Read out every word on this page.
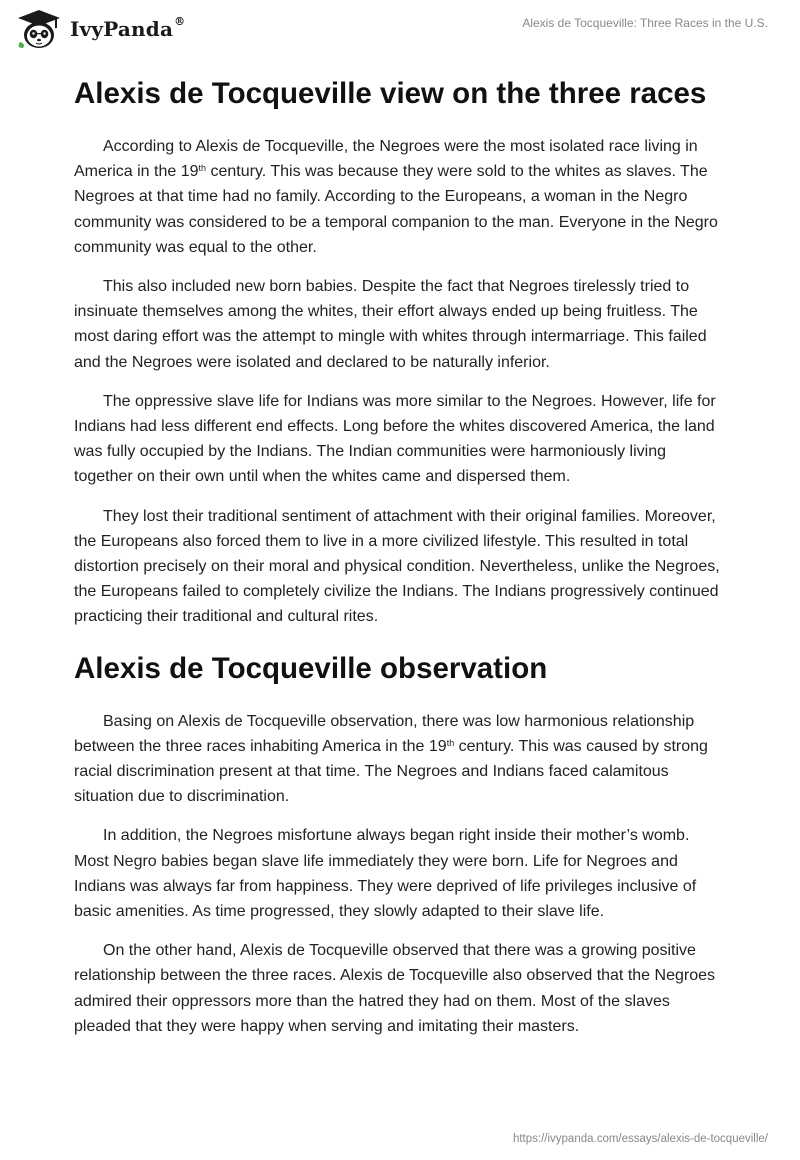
IvyPanda®	Alexis de Tocqueville: Three Races in the U.S.
Alexis de Tocqueville view on the three races

According to Alexis de Tocqueville, the Negroes were the most isolated race living in America in the 19th century. This was because they were sold to the whites as slaves. The Negroes at that time had no family. According to the Europeans, a woman in the Negro community was considered to be a temporal companion to the man. Everyone in the Negro community was equal to the other.

This also included new born babies. Despite the fact that Negroes tirelessly tried to insinuate themselves among the whites, their effort always ended up being fruitless. The most daring effort was the attempt to mingle with whites through intermarriage. This failed and the Negroes were isolated and declared to be naturally inferior.

The oppressive slave life for Indians was more similar to the Negroes. However, life for Indians had less different end effects. Long before the whites discovered America, the land was fully occupied by the Indians. The Indian communities were harmoniously living together on their own until when the whites came and dispersed them.

They lost their traditional sentiment of attachment with their original families. Moreover, the Europeans also forced them to live in a more civilized lifestyle. This resulted in total distortion precisely on their moral and physical condition. Nevertheless, unlike the Negroes, the Europeans failed to completely civilize the Indians. The Indians progressively continued practicing their traditional and cultural rites.

Alexis de Tocqueville observation

Basing on Alexis de Tocqueville observation, there was low harmonious relationship between the three races inhabiting America in the 19th century. This was caused by strong racial discrimination present at that time. The Negroes and Indians faced calamitous situation due to discrimination.

In addition, the Negroes misfortune always began right inside their mother’s womb. Most Negro babies began slave life immediately they were born. Life for Negroes and Indians was always far from happiness. They were deprived of life privileges inclusive of basic amenities. As time progressed, they slowly adapted to their slave life.

On the other hand, Alexis de Tocqueville observed that there was a growing positive relationship between the three races. Alexis de Tocqueville also observed that the Negroes admired their oppressors more than the hatred they had on them. Most of the slaves pleaded that they were happy when serving and imitating their masters.

https://ivypanda.com/essays/alexis-de-tocqueville/
